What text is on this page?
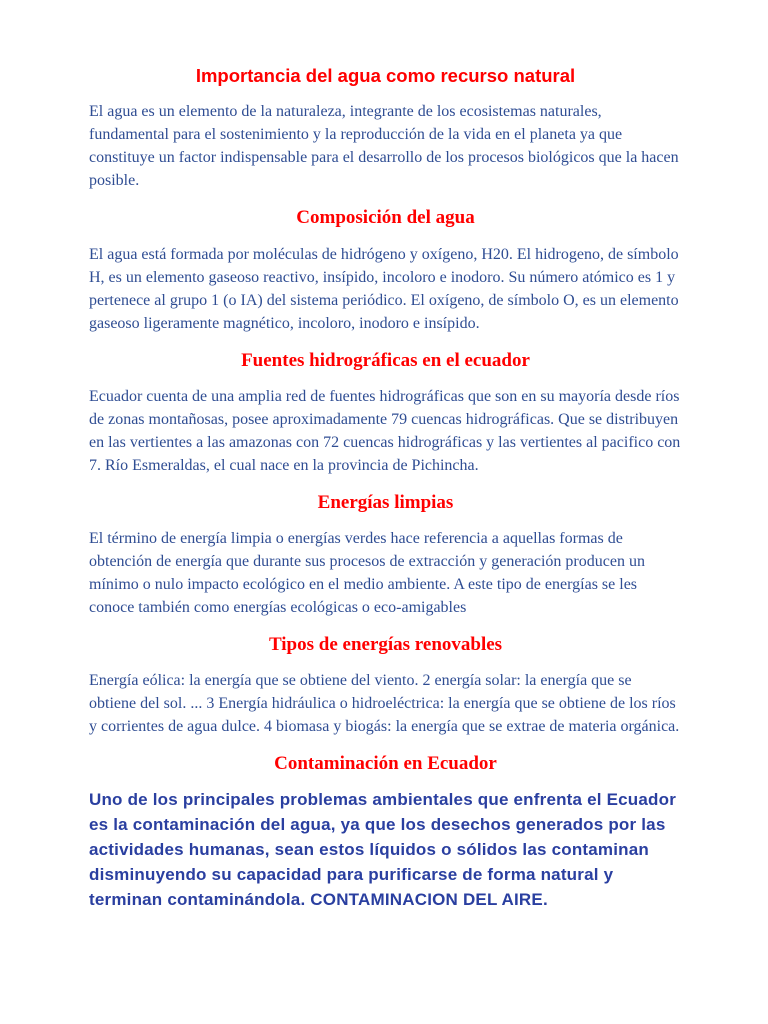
Importancia del agua como recurso natural

El agua es un elemento de la naturaleza, integrante de los ecosistemas naturales, fundamental para el sostenimiento y la reproducción de la vida en el planeta ya que constituye un factor indispensable para el desarrollo de los procesos biológicos que la hacen posible.

Composición del agua

El agua está formada por moléculas de hidrógeno y oxígeno, H20. El hidrogeno, de símbolo H, es un elemento gaseoso reactivo, insípido, incoloro e inodoro. Su número atómico es 1 y pertenece al grupo 1 (o IA) del sistema periódico. El oxígeno, de símbolo O, es un elemento gaseoso ligeramente magnético, incoloro, inodoro e insípido.

Fuentes hidrográficas en el ecuador

Ecuador cuenta de una amplia red de fuentes hidrográficas que son en su mayoría desde ríos de zonas montañosas, posee aproximadamente 79 cuencas hidrográficas. Que se distribuyen en las vertientes a las amazonas con 72 cuencas hidrográficas y las vertientes al pacifico con 7. Río Esmeraldas, el cual nace en la provincia de Pichincha.

Energías limpias

El término de energía limpia o energías verdes hace referencia a aquellas formas de obtención de energía que durante sus procesos de extracción y generación producen un mínimo o nulo impacto ecológico en el medio ambiente. A este tipo de energías se les conoce también como energías ecológicas o eco-amigables

Tipos de energías renovables

Energía eólica: la energía que se obtiene del viento. 2 energía solar: la energía que se obtiene del sol. ... 3 Energía hidráulica o hidroeléctrica: la energía que se obtiene de los ríos y corrientes de agua dulce. 4 biomasa y biogás: la energía que se extrae de materia orgánica.

Contaminación en Ecuador

Uno de los principales problemas ambientales que enfrenta el Ecuador es la contaminación del agua, ya que los desechos generados por las actividades humanas, sean estos líquidos o sólidos las contaminan disminuyendo su capacidad para purificarse de forma natural y terminan contaminándola. CONTAMINACION DEL AIRE.
